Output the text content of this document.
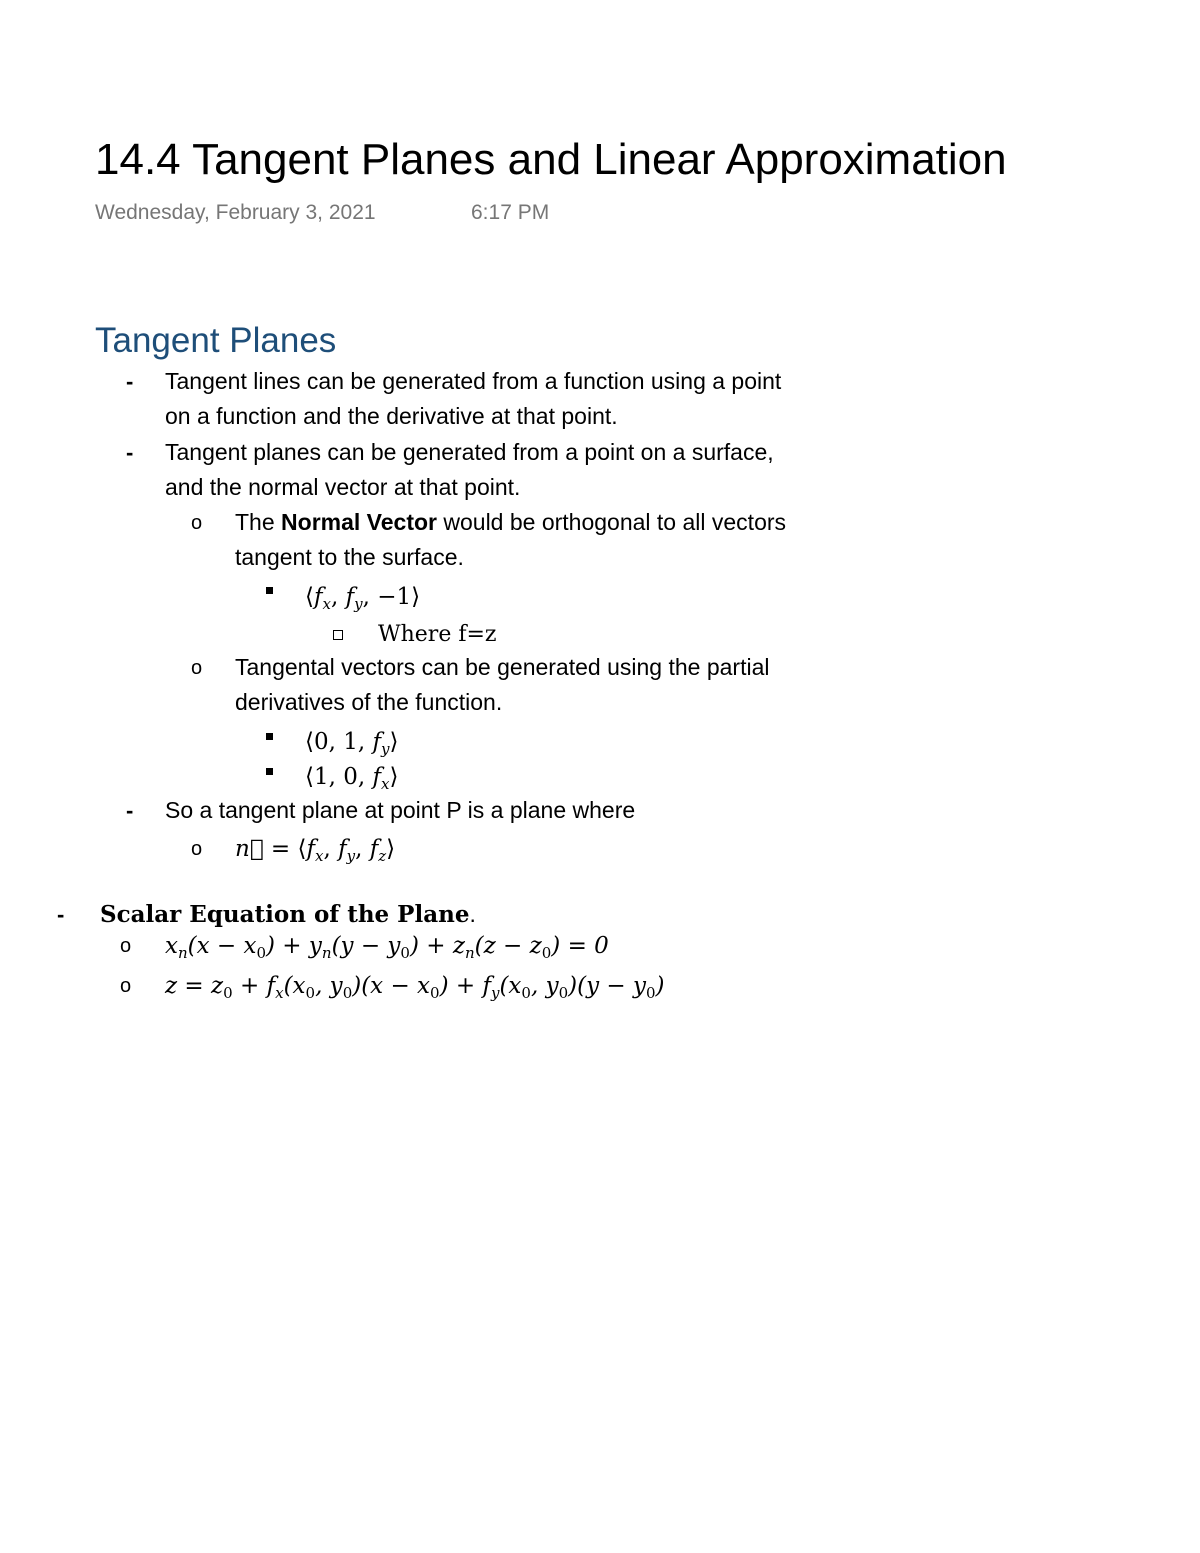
14.4 Tangent Planes and Linear Approximation
Wednesday, February 3, 2021	6:17 PM
Tangent Planes
- Tangent lines can be generated from a function using a point
on a function and the derivative at that point.
- Tangent planes can be generated from a point on a surface,
and the normal vector at that point.
o The Normal Vector would be orthogonal to all vectors
tangent to the surface.
$⟨f_x$, $f_y$, −1⟩
Where f=z
o Tangental vectors can be generated using the partial
derivatives of the function.
⟨0, 1, $f_y⟩$
⟨1, 0, $f_x⟩$
- So a tangent plane at point P is a plane where
o n⃗ = $⟨f_x$, $f_y$, $f_z⟩$
- Scalar Equation of the Plane.
o $x_n(x - x_0) + y_n(y - y_0) + z_n(z - z_0) = 0$
o $z = z_0 + f_x(x_0$, $y_0)(x - x_0) + f_y(x_0$, $y_0)(y - y_0)$
